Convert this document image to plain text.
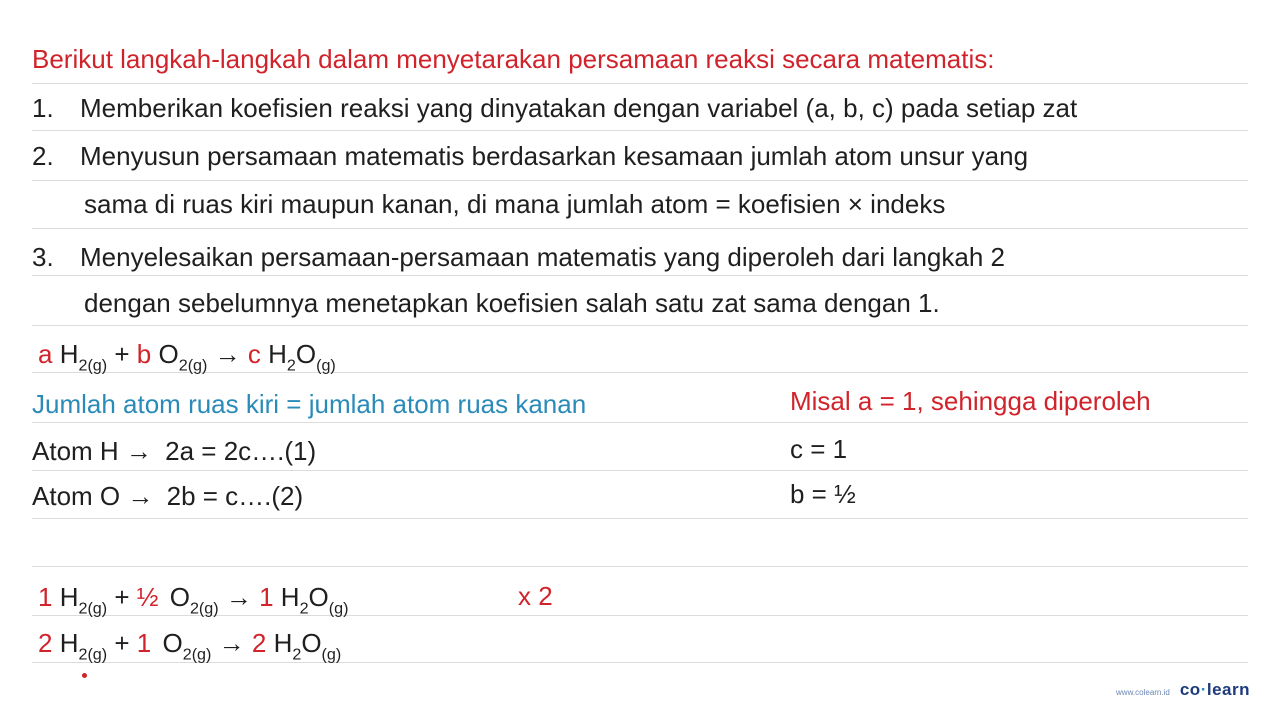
Berikut langkah-langkah dalam menyetarakan persamaan reaksi secara matematis:
1. Memberikan koefisien reaksi yang dinyatakan dengan variabel (a, b, c) pada setiap zat
2. Menyusun persamaan matematis berdasarkan kesamaan jumlah atom unsur yang
sama di ruas kiri maupun kanan, di mana jumlah atom = koefisien × indeks
3. Menyelesaikan persamaan-persamaan matematis yang diperoleh dari langkah 2
dengan sebelumnya menetapkan koefisien salah satu zat sama dengan 1.
a $H_{2(g)} + b$ $O_{2(g)} \to c$ $H_2O_{(g)}$
Jumlah atom ruas kiri = jumlah atom ruas kanan	Misal a = 1, sehingga diperoleh
Atom H → 2a = 2c….(1)	c = 1
Atom O → 2b = c….(2)	b = ½
1 $H_{2(g)}$ + ½ $O_{2(g)} \to 1$ $H_2O_{(g)}$	x 2
2 $H_{2(g)} + 1$ $O_{2(g)} \to 2$ $H_2O_{(g)}$
www.colearn.id co·learn
